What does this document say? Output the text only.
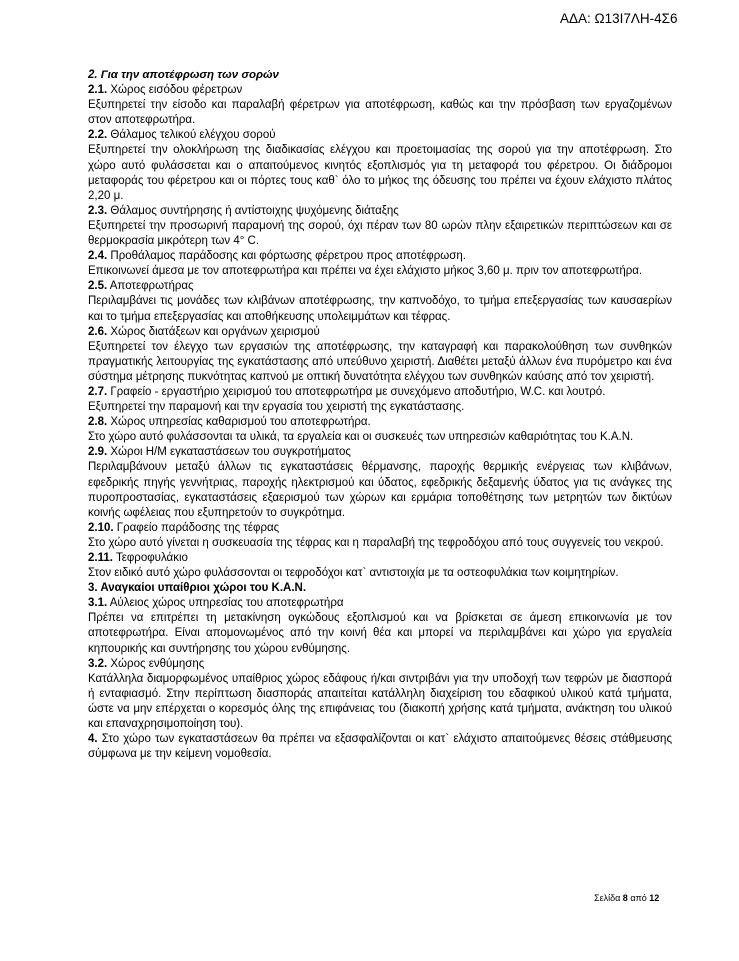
ΑΔΑ: Ω13Ι7ΛΗ-4Σ6

2. Για την αποτέφρωση των σορών

2.1. Χώρος εισόδου φέρετρων

Εξυπηρετεί την είσοδο και παραλαβή φέρετρων για αποτέφρωση, καθώς και την πρόσβαση των εργαζομένων στον αποτεφρωτήρα.

2.2. Θάλαμος τελικού ελέγχου σορού

Εξυπηρετεί την ολοκλήρωση της διαδικασίας ελέγχου και προετοιμασίας της σορού για την αποτέφρωση. Στο χώρο αυτό φυλάσσεται και ο απαιτούμενος κινητός εξοπλισμός για τη μεταφορά του φέρετρου. Οι διάδρομοι μεταφοράς του φέρετρου και οι πόρτες τους καθ` όλο το μήκος της όδευσης του πρέπει να έχουν ελάχιστο πλάτος 2,20 μ.

2.3. Θάλαμος συντήρησης ή αντίστοιχης ψυχόμενης διάταξης

Εξυπηρετεί την προσωρινή παραμονή της σορού, όχι πέραν των 80 ωρών πλην εξαιρετικών περιπτώσεων και σε θερμοκρασία μικρότερη των 4° C.

2.4. Προθάλαμος παράδοσης και φόρτωσης φέρετρου προς αποτέφρωση.

Επικοινωνεί άμεσα με τον αποτεφρωτήρα και πρέπει να έχει ελάχιστο μήκος 3,60 μ. πριν τον αποτεφρωτήρα.

2.5. Αποτεφρωτήρας

Περιλαμβάνει τις μονάδες των κλιβάνων αποτέφρωσης, την καπνοδόχο, το τμήμα επεξεργασίας των καυσαερίων και το τμήμα επεξεργασίας και αποθήκευσης υπολειμμάτων και τέφρας.

2.6. Χώρος διατάξεων και οργάνων χειρισμού

Εξυπηρετεί τον έλεγχο των εργασιών της αποτέφρωσης, την καταγραφή και παρακολούθηση των συνθηκών πραγματικής λειτουργίας της εγκατάστασης από υπεύθυνο χειριστή. Διαθέτει μεταξύ άλλων ένα πυρόμετρο και ένα σύστημα μέτρησης πυκνότητας καπνού με οπτική δυνατότητα ελέγχου των συνθηκών καύσης από τον χειριστή.

2.7. Γραφείο - εργαστήριο χειρισμού του αποτεφρωτήρα με συνεχόμενο αποδυτήριο, W.C. και λουτρό.

Εξυπηρετεί την παραμονή και την εργασία του χειριστή της εγκατάστασης.

2.8. Χώρος υπηρεσίας καθαρισμού του αποτεφρωτήρα.

Στο χώρο αυτό φυλάσσονται τα υλικά, τα εργαλεία και οι συσκευές των υπηρεσιών καθαριότητας του Κ.Α.Ν.

2.9. Χώροι Η/Μ εγκαταστάσεων του συγκροτήματος

Περιλαμβάνουν μεταξύ άλλων τις εγκαταστάσεις θέρμανσης, παροχής θερμικής ενέργειας των κλιβάνων, εφεδρικής πηγής γεννήτριας, παροχής ηλεκτρισμού και ύδατος, εφεδρικής δεξαμενής ύδατος για τις ανάγκες της πυροπροστασίας, εγκαταστάσεις εξαερισμού των χώρων και ερμάρια τοποθέτησης των μετρητών των δικτύων κοινής ωφέλειας που εξυπηρετούν το συγκρότημα.

2.10. Γραφείο παράδοσης της τέφρας

Στο χώρο αυτό γίνεται η συσκευασία της τέφρας και η παραλαβή της τεφροδόχου από τους συγγενείς του νεκρού.

2.11. Τεφροφυλάκιο

Στον ειδικό αυτό χώρο φυλάσσονται οι τεφροδόχοι κατ` αντιστοιχία με τα οστεοφυλάκια των κοιμητηρίων.

3. Αναγκαίοι υπαίθριοι χώροι του Κ.Α.Ν.

3.1. Αύλειος χώρος υπηρεσίας του αποτεφρωτήρα

Πρέπει να επιτρέπει τη μετακίνηση ογκώδους εξοπλισμού και να βρίσκεται σε άμεση επικοινωνία με τον αποτεφρωτήρα. Είναι απομονωμένος από την κοινή θέα και μπορεί να περιλαμβάνει και χώρο για εργαλεία κηπουρικής και συντήρησης του χώρου ενθύμησης.

3.2. Χώρος ενθύμησης

Κατάλληλα διαμορφωμένος υπαίθριος χώρος εδάφους ή/και σιντριβάνι για την υποδοχή των τεφρών με διασπορά ή ενταφιασμό. Στην περίπτωση διασποράς απαιτείται κατάλληλη διαχείριση του εδαφικού υλικού κατά τμήματα, ώστε να μην επέρχεται ο κορεσμός όλης της επιφάνειας του (διακοπή χρήσης κατά τμήματα, ανάκτηση του υλικού και επαναχρησιμοποίηση του).

4. Στο χώρο των εγκαταστάσεων θα πρέπει να εξασφαλίζονται οι κατ` ελάχιστο απαιτούμενες θέσεις στάθμευσης σύμφωνα με την κείμενη νομοθεσία.

Σελίδα 8 από 12
